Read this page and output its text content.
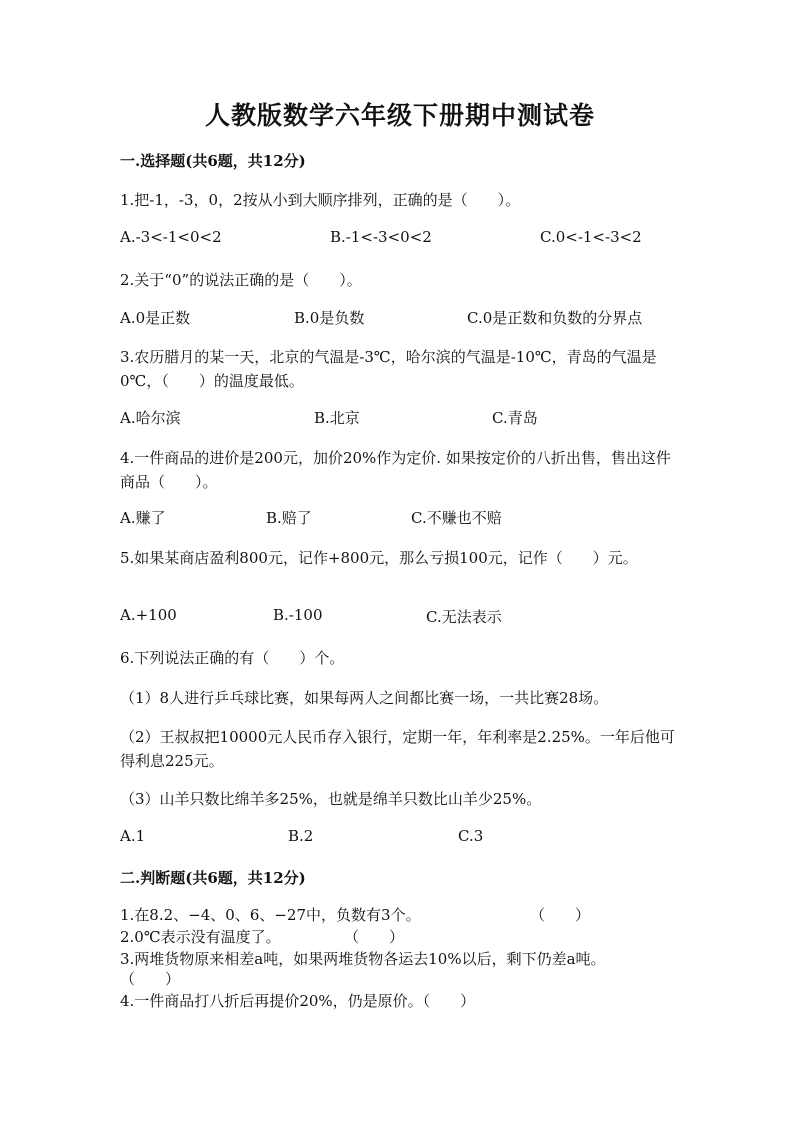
人教版数学六年级下册期中测试卷
一.选择题(共6题，共12分)
1.把-1，-3，0，2按从小到大顺序排列，正确的是（　　）。
A.-3<-1<0<2	B.-1<-3<0<2	C.0<-1<-3<2
2.关于“0”的说法正确的是（　　）。
A.0是正数	B.0是负数	C.0是正数和负数的分界点
3.农历腊月的某一天，北京的气温是-3℃，哈尔滨的气温是-10℃，青岛的气温是0℃，（　　）的温度最低。
A.哈尔滨	B.北京	C.青岛
4.一件商品的进价是200元，加价20%作为定价. 如果按定价的八折出售，售出这件商品（　　）。
A.赚了	B.赔了	C.不赚也不赔
5.如果某商店盈利800元，记作+800元，那么亏损100元，记作（　　）元。
A.+100	B.-100	C.无法表示
6.下列说法正确的有（　　）个。
（1）8人进行乒乓球比赛，如果每两人之间都比赛一场，一共比赛28场。
（2）王叔叔把10000元人民币存入银行，定期一年，年利率是2.25%。一年后他可得利息225元。
（3）山羊只数比绵羊多25%，也就是绵羊只数比山羊少25%。
A.1	B.2	C.3
二.判断题(共6题，共12分)
1.在8.2、−4、0、6、−27中，负数有3个。	（　　）
2.0℃表示没有温度了。	（　　）
3.两堆货物原来相差a吨，如果两堆货物各运去10%以后，剩下仍差a吨。
（　　）
4.一件商品打八折后再提价20%，仍是原价。（　　）
